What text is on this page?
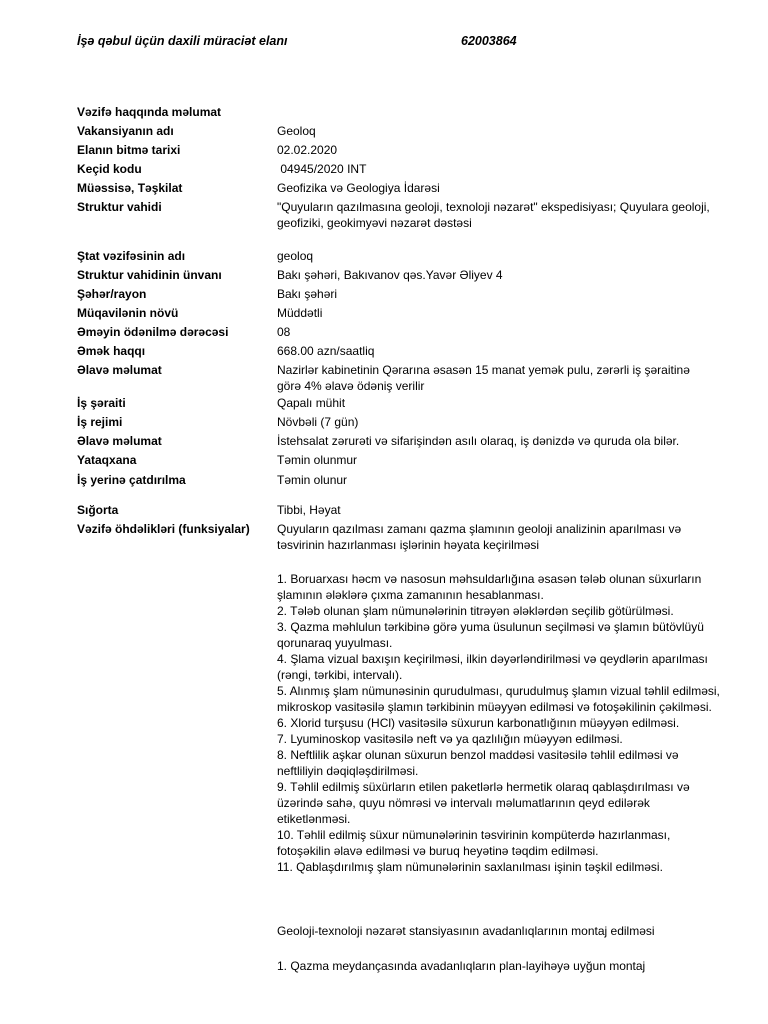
İşə qəbul üçün daxili müraciət elanı	62003864
Vəzifə haqqında məlumat
Vakansiyanın adı	Geoloq
Elanın bitmə tarixi	02.02.2020
Keçid kodu	04945/2020 INT
Müəssisə, Təşkilat	Geofizika və Geologiya İdarəsi
Struktur vahidi	"Quyuların qazılmasına geoloji, texnoloji nəzarət" ekspedisiyası; Quyulara geoloji, geofiziki, geokimyəvi nəzarət dəstəsi
Ştat vəzifəsinin adı	geoloq
Struktur vahidinin ünvanı	Bakı şəhəri, Bakıvanov qəs.Yavər Əliyev 4
Şəhər/rayon	Bakı şəhəri
Müqavilənin növü	Müddətli
Əməyin ödənilmə dərəcəsi	08
Əmək haqqı	668.00 azn/saatliq
Əlavə məlumat	Nazirlər kabinetinin Qərarına əsasən 15 manat yemək pulu, zərərli iş şəraitinə görə 4% əlavə ödəniş verilir
İş şəraiti	Qapalı mühit
İş rejimi	Növbəli (7 gün)
Əlavə məlumat	İstehsalat zərurəti və sifarişindən asılı olaraq, iş dənizdə və quruda ola bilər.
Yataqxana	Təmin olunmur
İş yerinə çatdırılma	Təmin olunur
Sığorta	Tibbi, Həyat
Vəzifə öhdəlikləri (funksiyalar)	Quyuların qazılması zamanı qazma şlamının geoloji analizinin aparılması və təsvirinin hazırlanması işlərinin həyata keçirilməsi
1. Boruarxası həcm və nasosun məhsuldarlığına əsasən tələb olunan süxurların şlamının ələklərə çıxma zamanının hesablanması.
2. Tələb olunan şlam nümunələrinin titrəyən ələklərdən seçilib götürülməsi.
3. Qazma məhlulun tərkibinə görə yuma üsulunun seçilməsi və şlamın bütövlüyü qorunaraq yuyulması.
4. Şlama vizual baxışın keçirilməsi, ilkin dəyərləndirilməsi və qeydlərin aparılması (rəngi, tərkibi, intervalı).
5. Alınmış şlam nümunəsinin qurudulması, qurudulmuş şlamın vizual təhlil edilməsi, mikroskop vasitəsilə şlamın tərkibinin müəyyən edilməsi və fotoşəkilinin çəkilməsi.
6. Xlorid turşusu (HCl) vasitəsilə süxurun karbonatlığının müəyyən edilməsi.
7. Lyuminoskop vasitəsilə neft və ya qazlılığın müəyyən edilməsi.
8. Neftlilik aşkar olunan süxurun benzol maddəsi vasitəsilə təhlil edilməsi və neftliliyin dəqiqləşdirilməsi.
9. Təhlil edilmiş süxürların etilen paketlərlə hermetik olaraq qablaşdırılması və üzərində sahə, quyu nömrəsi və intervalı məlumatlarının qeyd edilərək etiketlənməsi.
10. Təhlil edilmiş süxur nümunələrinin təsvirinin kompüterdə hazırlanması, fotoşəkilin əlavə edilməsi və buruq heyətinə təqdim edilməsi.
11. Qablaşdırılmış şlam nümunələrinin saxlanılması işinin təşkil edilməsi.
Geoloji-texnoloji nəzarət stansiyasının avadanlıqlarının montaj edilməsi
1. Qazma meydançasında avadanlıqların plan-layihəyə uyğun montaj
